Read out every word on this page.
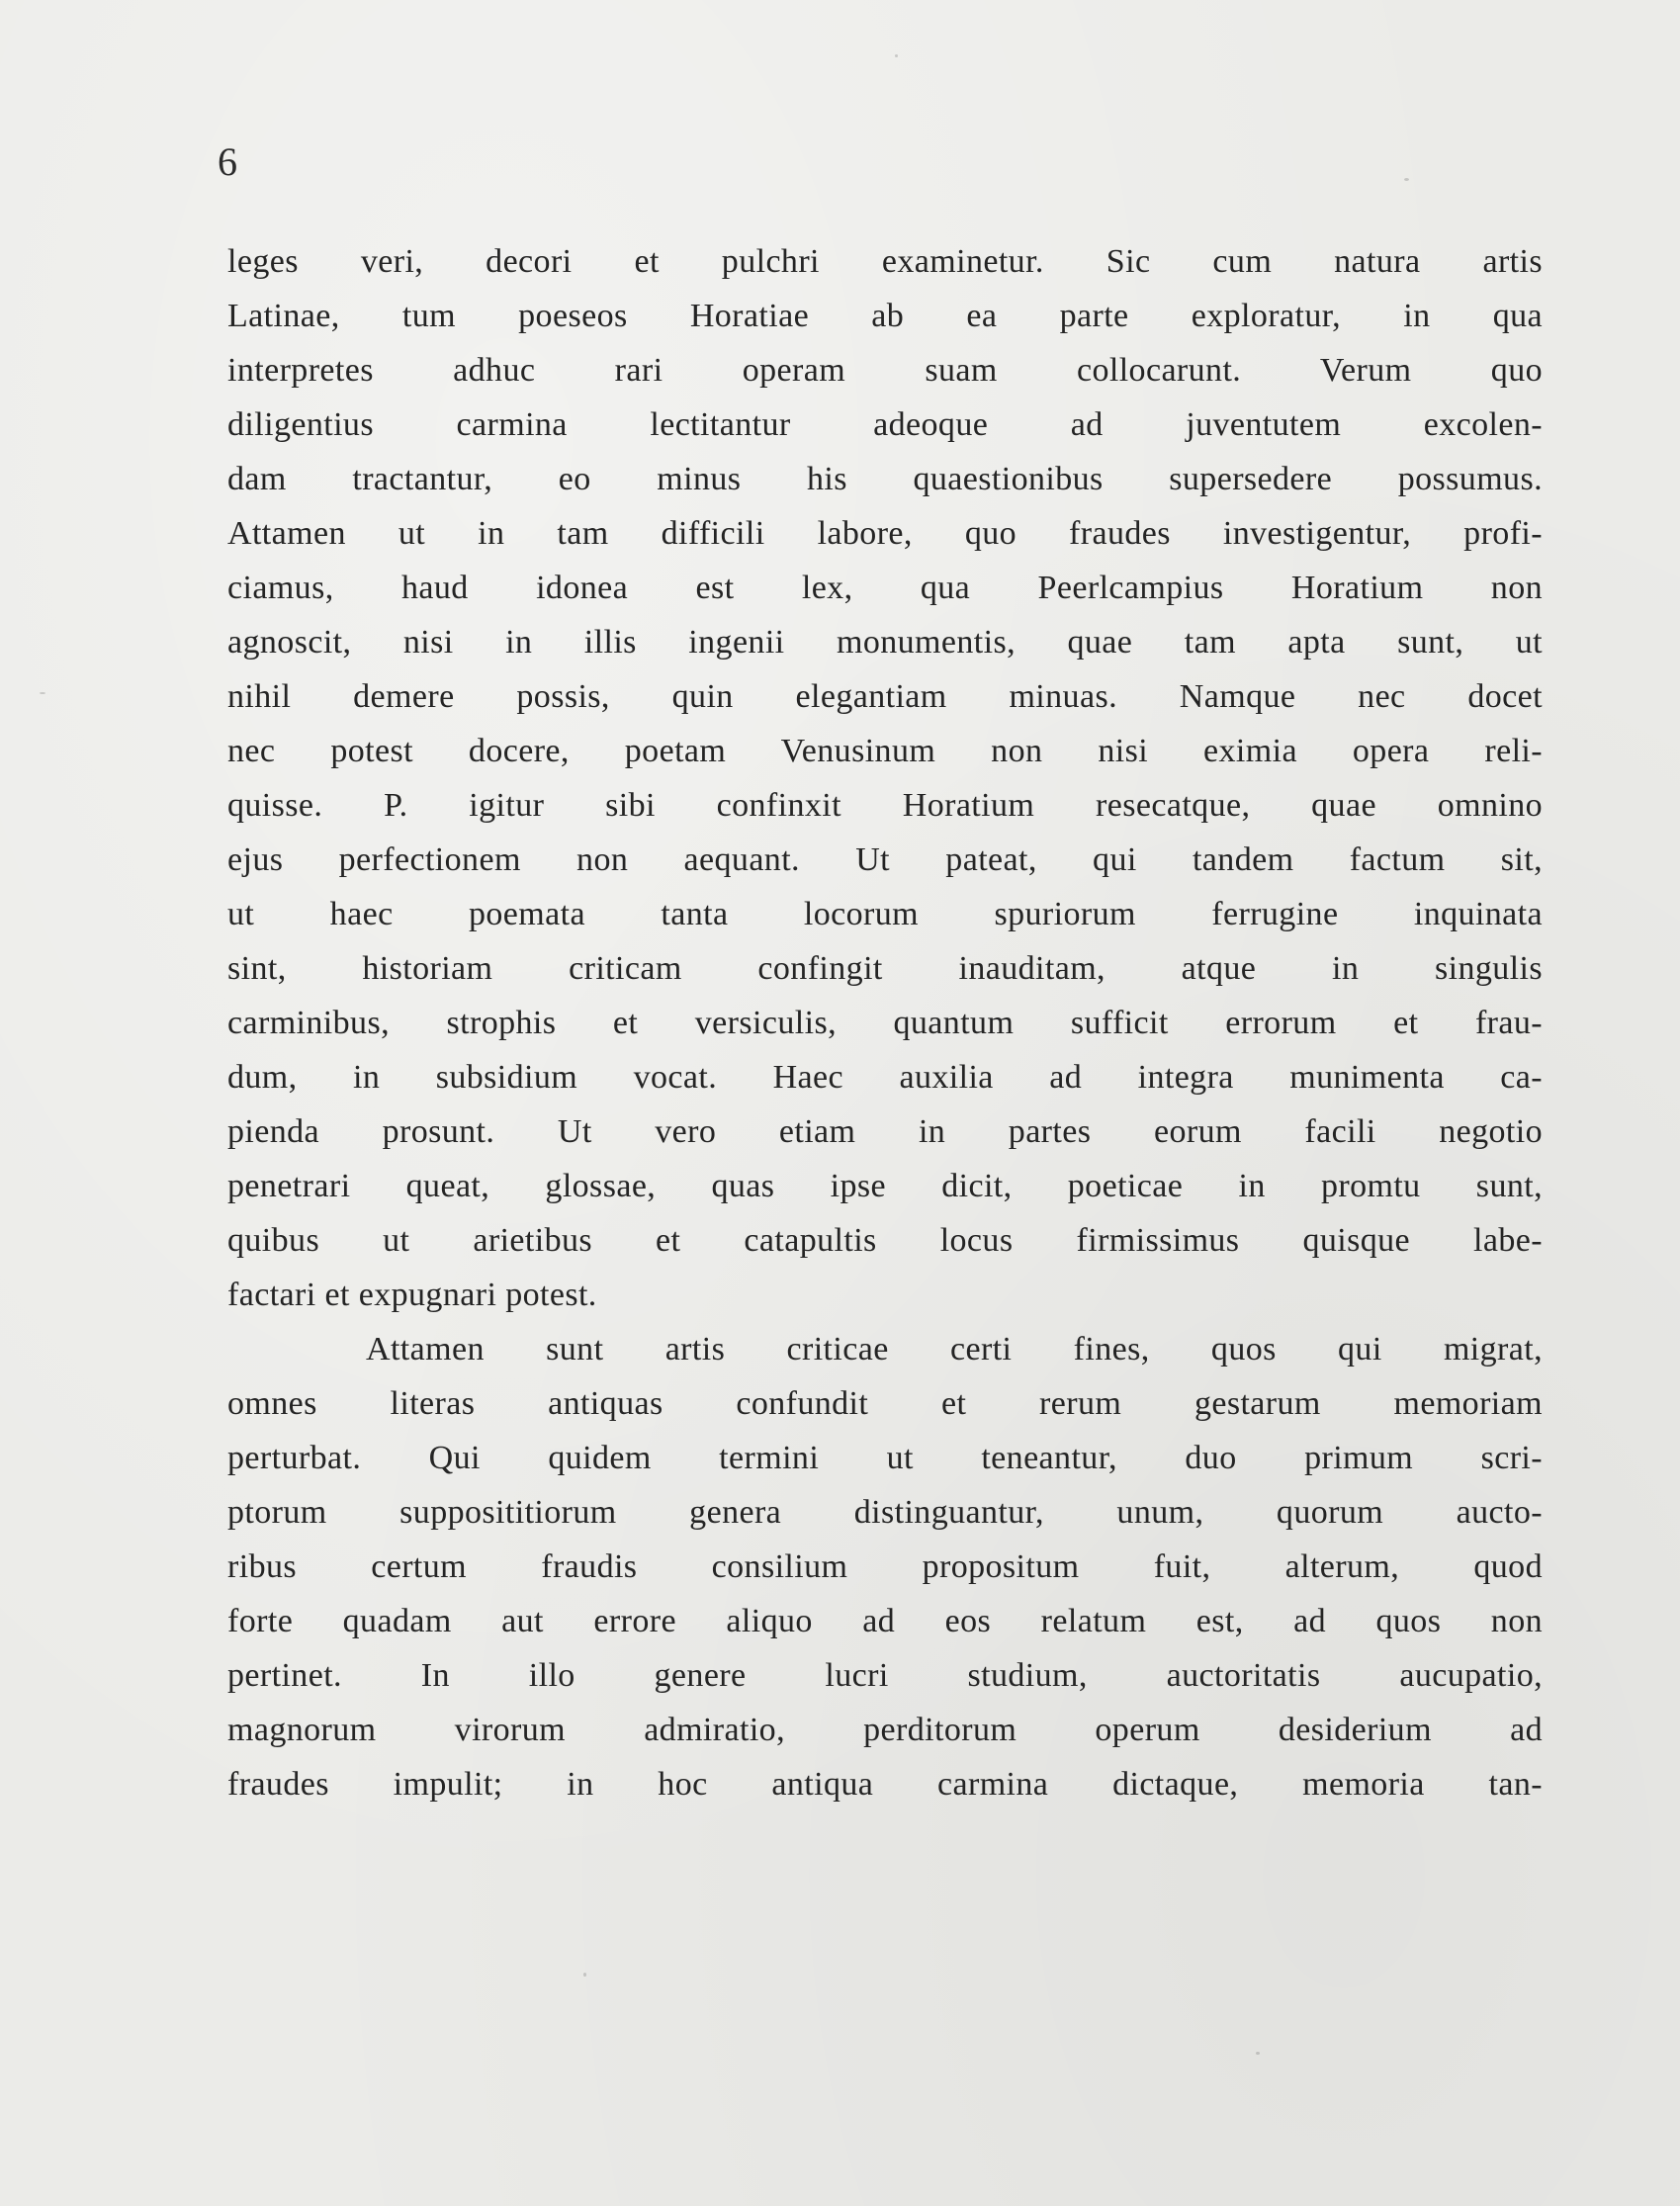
6
leges veri, decori et pulchri examinetur. Sic cum natura artis
Latinae, tum poeseos Horatiae ab ea parte exploratur, in qua
interpretes adhuc rari operam suam collocarunt. Verum quo
diligentius carmina lectitantur adeoque ad juventutem excolen-
dam tractantur, eo minus his quaestionibus supersedere possumus.
Attamen ut in tam difficili labore, quo fraudes investigentur, profi-
ciamus, haud idonea est lex, qua Peerlcampius Horatium non
agnoscit, nisi in illis ingenii monumentis, quae tam apta sunt, ut
nihil demere possis, quin elegantiam minuas. Namque nec docet
nec potest docere, poetam Venusinum non nisi eximia opera reli-
quisse. P. igitur sibi confinxit Horatium resecatque, quae omnino
ejus perfectionem non aequant. Ut pateat, qui tandem factum sit,
ut haec poemata tanta locorum spuriorum ferrugine inquinata
sint, historiam criticam confingit inauditam, atque in singulis
carminibus, strophis et versiculis, quantum sufficit errorum et frau-
dum, in subsidium vocat. Haec auxilia ad integra munimenta ca-
pienda prosunt. Ut vero etiam in partes eorum facili negotio
penetrari queat, glossae, quas ipse dicit, poeticae in promtu sunt,
quibus ut arietibus et catapultis locus firmissimus quisque labe-
factari et expugnari potest.
Attamen sunt artis criticae certi fines, quos qui migrat,
omnes literas antiquas confundit et rerum gestarum memoriam
perturbat. Qui quidem termini ut teneantur, duo primum scri-
ptorum supposititiorum genera distinguantur, unum, quorum aucto-
ribus certum fraudis consilium propositum fuit, alterum, quod
forte quadam aut errore aliquo ad eos relatum est, ad quos non
pertinet. In illo genere lucri studium, auctoritatis aucupatio,
magnorum virorum admiratio, perditorum operum desiderium ad
fraudes impulit; in hoc antiqua carmina dictaque, memoria tan-
